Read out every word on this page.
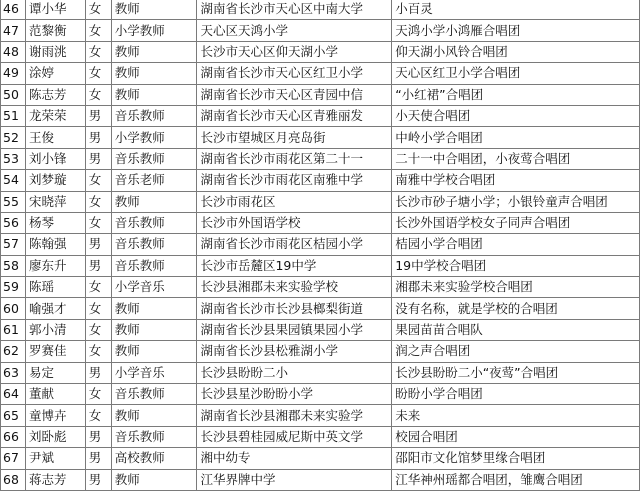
46	谭小华	女	教师	湖南省长沙市天心区中南大学	小百灵
47	范黎衡	女	小学教师	天心区天鸿小学	天鸿小学小鸿雁合唱团
48	谢雨洮	女	教师	长沙市天心区仰天湖小学	仰天湖小风铃合唱团
49	涂婷	女	教师	湖南省长沙市天心区红卫小学	天心区红卫小学合唱团
50	陈志芳	女	教师	湖南省长沙市天心区青园中信	“小红裙”合唱团
51	龙荣荣	男	音乐教师	湖南省长沙市天心区青雅丽发	小天使合唱团
52	王俊	男	小学教师	长沙市望城区月亮岛街	中岭小学合唱团
53	刘小锋	男	音乐教师	湖南省长沙市雨花区第二十一	二十一中合唱团，小夜莺合唱团
54	刘梦璇	女	音乐老师	湖南省长沙市雨花区南雅中学	南雅中学校合唱团
55	宋晓萍	女	教师	长沙市雨花区	长沙市砂子塘小学；小银铃童声合唱团
56	杨琴	女	音乐教师	长沙市外国语学校	长沙外国语学校女子同声合唱团
57	陈翰强	男	音乐教师	湖南省长沙市雨花区桔园小学	桔园小学合唱团
58	廖东升	男	音乐教师	长沙市岳麓区19中学	19中学校合唱团
59	陈瑶	女	小学音乐	长沙县湘郡未来实验学校	湘郡未来实验学校合唱团
60	喻强才	女	教师	湖南省长沙市长沙县榔梨街道	没有名称，就是学校的合唱团
61	郭小清	女	教师	湖南省长沙县果园镇果园小学	果园苗苗合唱队
62	罗赛佳	女	教师	湖南省长沙县松雅湖小学	润之声合唱团
63	易定	男	小学音乐	长沙县盼盼二小	长沙县盼盼二小“夜莺”合唱团
64	董献	女	音乐教师	长沙县星沙盼盼小学	盼盼小学合唱团
65	童博卉	女	教师	湖南省长沙县湘郡未来实验学	未来
66	刘卧彪	男	音乐教师	长沙县碧桂园威尼斯中英文学	校园合唱团
67	尹斌	男	高校教师	湘中幼专	邵阳市文化馆梦里缘合唱团
68	蒋志芳	男	教师	江华界牌中学	江华神州瑶都合唱团，雏鹰合唱团
